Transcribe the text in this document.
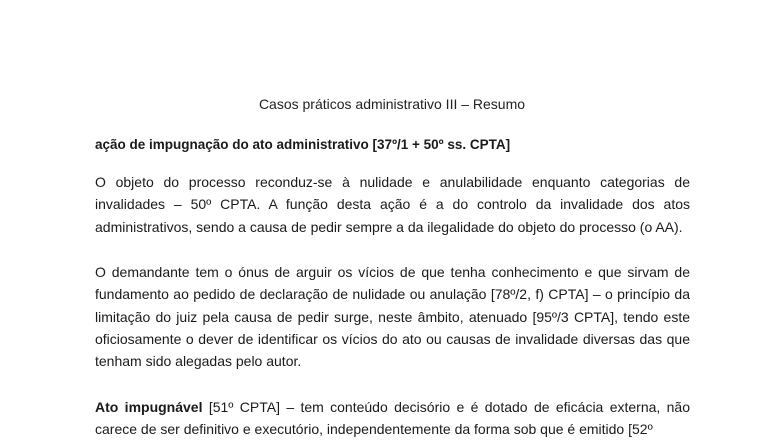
Casos práticos administrativo III – Resumo
ação de impugnação do ato administrativo [37º/1 + 50º ss. CPTA]

O objeto do processo reconduz-se à nulidade e anulabilidade enquanto categorias de invalidades – 50º CPTA. A função desta ação é a do controlo da invalidade dos atos administrativos, sendo a causa de pedir sempre a da ilegalidade do objeto do processo (o AA).

O demandante tem o ónus de arguir os vícios de que tenha conhecimento e que sirvam de fundamento ao pedido de declaração de nulidade ou anulação [78º/2, f) CPTA] – o princípio da limitação do juiz pela causa de pedir surge, neste âmbito, atenuado [95º/3 CPTA], tendo este oficiosamente o dever de identificar os vícios do ato ou causas de invalidade diversas das que tenham sido alegadas pelo autor.

Ato impugnável [51º CPTA] – tem conteúdo decisório e é dotado de eficácia externa, não carece de ser definitivo e executório, independentemente da forma sob que é emitido [52º
